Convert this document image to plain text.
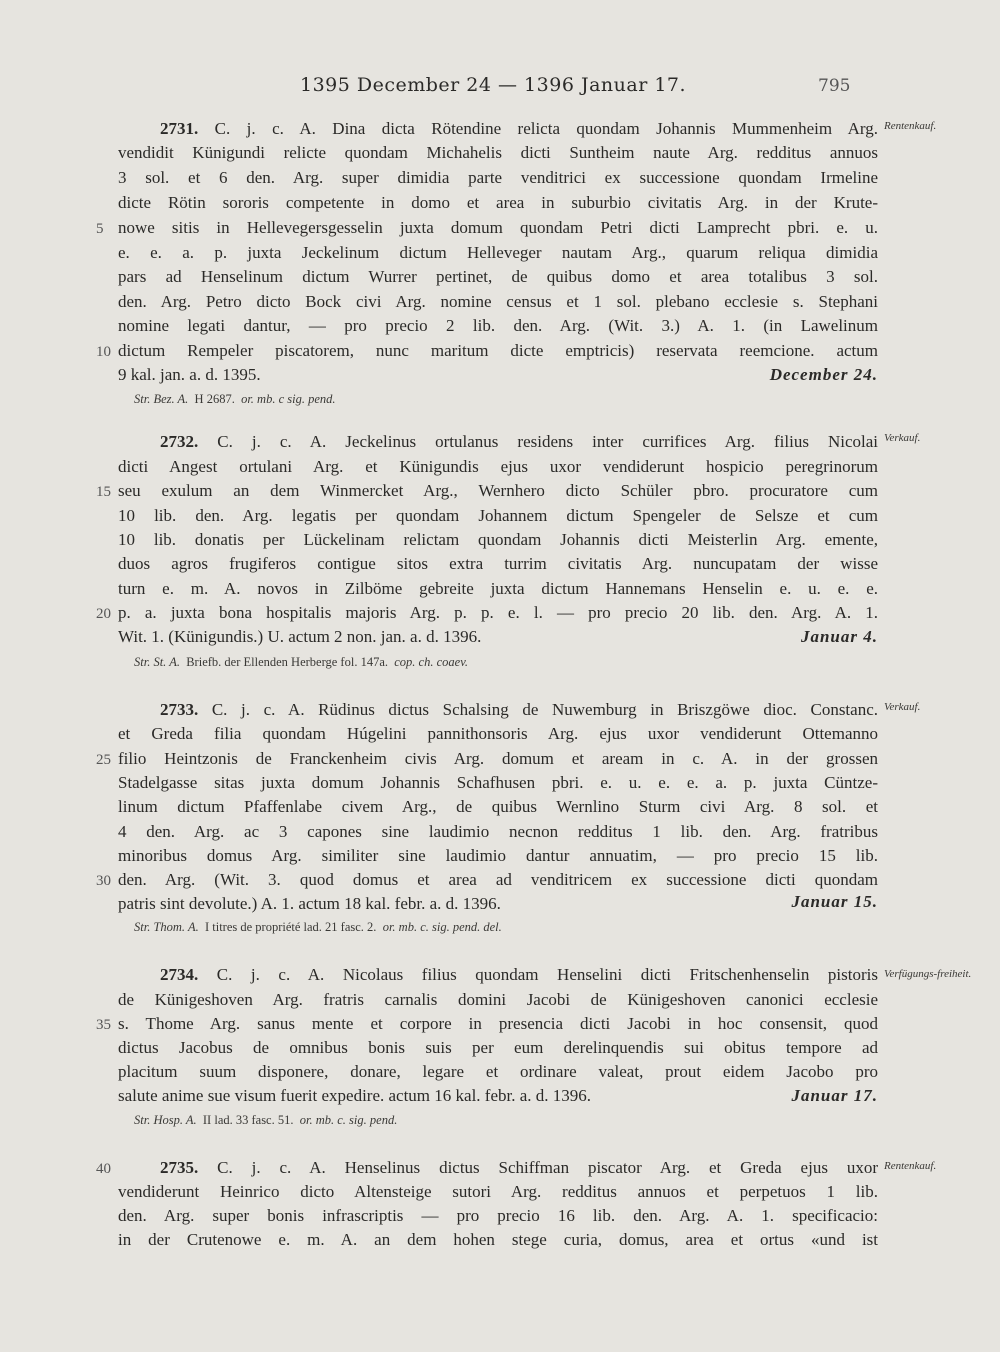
1395 December 24 — 1396 Januar 17.	795
Rentenkauf.
2731. C. j. c. A. Dina dicta Rötendine relicta quondam Johannis Mummenheim Arg.
vendidit Künigundi relicte quondam Michahelis dicti Suntheim naute Arg. redditus annuos
3 sol. et 6 den. Arg. super dimidia parte venditrici ex successione quondam Irmeline
dicte Rötin sororis competente in domo et area in suburbio civitatis Arg. in der Krute-
nowe sitis in Hellevegersgesselin juxta domum quondam Petri dicti Lamprecht pbri. e. u.
e. e. a. p. juxta Jeckelinum dictum Helleveger nautam Arg., quarum reliqua dimidia
pars ad Henselinum dictum Wurrer pertinet, de quibus domo et area totalibus 3 sol.
den. Arg. Petro dicto Bock civi Arg. nomine census et 1 sol. plebano ecclesie s. Stephani
nomine legati dantur, — pro precio 2 lib. den. Arg. (Wit. 3.) A. 1. (in Lawelinum
dictum Rempeler piscatorem, nunc maritum dicte emptricis) reservata reemcione. actum
9 kal. jan. a. d. 1395.	December 24.
Str. Bez. A. H 2687. or. mb. c sig. pend.
Verkauf.
2732. C. j. c. A. Jeckelinus ortulanus residens inter currifices Arg. filius Nicolai
dicti Angest ortulani Arg. et Künigundis ejus uxor vendiderunt hospicio peregrinorum
seu exulum an dem Winmercket Arg., Wernhero dicto Schüler pbro. procuratore cum
10 lib. den. Arg. legatis per quondam Johannem dictum Spengeler de Selsze et cum
10 lib. donatis per Lückelinam relictam quondam Johannis dicti Meisterlin Arg. emente,
duos agros frugiferos contigue sitos extra turrim civitatis Arg. nuncupatam der wisse
turn e. m. A. novos in Zilböme gebreite juxta dictum Hannemans Henselin e. u. e. e.
p. a. juxta bona hospitalis majoris Arg. p. p. e. l. — pro precio 20 lib. den. Arg. A. 1.
Wit. 1. (Künigundis.) U. actum 2 non. jan. a. d. 1396.	Januar 4.
Str. St. A. Briefb. der Ellenden Herberge fol. 147a. cop. ch. coaev.
Verkauf.
2733. C. j. c. A. Rüdinus dictus Schalsing de Nuwemburg in Briszgöwe dioc. Constanc.
et Greda filia quondam Húgelini pannithonsoris Arg. ejus uxor vendiderunt Ottemanno
filio Heintzonis de Franckenheim civis Arg. domum et aream in c. A. in der grossen
Stadelgasse sitas juxta domum Johannis Schafhusen pbri. e. u. e. e. a. p. juxta Cüntze-
linum dictum Pfaffenlabe civem Arg., de quibus Wernlino Sturm civi Arg. 8 sol. et
4 den. Arg. ac 3 capones sine laudimio necnon redditus 1 lib. den. Arg. fratribus
minoribus domus Arg. similiter sine laudimio dantur annuatim, — pro precio 15 lib.
den. Arg. (Wit. 3. quod domus et area ad venditricem ex successione dicti quondam
patris sint devolute.) A. 1. actum 18 kal. febr. a. d. 1396.	Januar 15.
Str. Thom. A. I titres de propriété lad. 21 fasc. 2. or. mb. c. sig. pend. del.
Verfügungs-freiheit.
2734. C. j. c. A. Nicolaus filius quondam Henselini dicti Fritschenhenselin pistoris
de Künigeshoven Arg. fratris carnalis domini Jacobi de Künigeshoven canonici ecclesie
s. Thome Arg. sanus mente et corpore in presencia dicti Jacobi in hoc consensit, quod
dictus Jacobus de omnibus bonis suis per eum derelinquendis sui obitus tempore ad
placitum suum disponere, donare, legare et ordinare valeat, prout eidem Jacobo pro
salute anime sue visum fuerit expedire. actum 16 kal. febr. a. d. 1396.	Januar 17.
Str. Hosp. A. II lad. 33 fasc. 51. or. mb. c. sig. pend.
Rentenkauf.
2735. C. j. c. A. Henselinus dictus Schiffman piscator Arg. et Greda ejus uxor
vendiderunt Heinrico dicto Altensteige sutori Arg. redditus annuos et perpetuos 1 lib.
den. Arg. super bonis infrascriptis — pro precio 16 lib. den. Arg. A. 1. specificacio:
in der Crutenowe e. m. A. an dem hohen stege curia, domus, area et ortus «und ist
5
10
15
20
25
30
35
40
